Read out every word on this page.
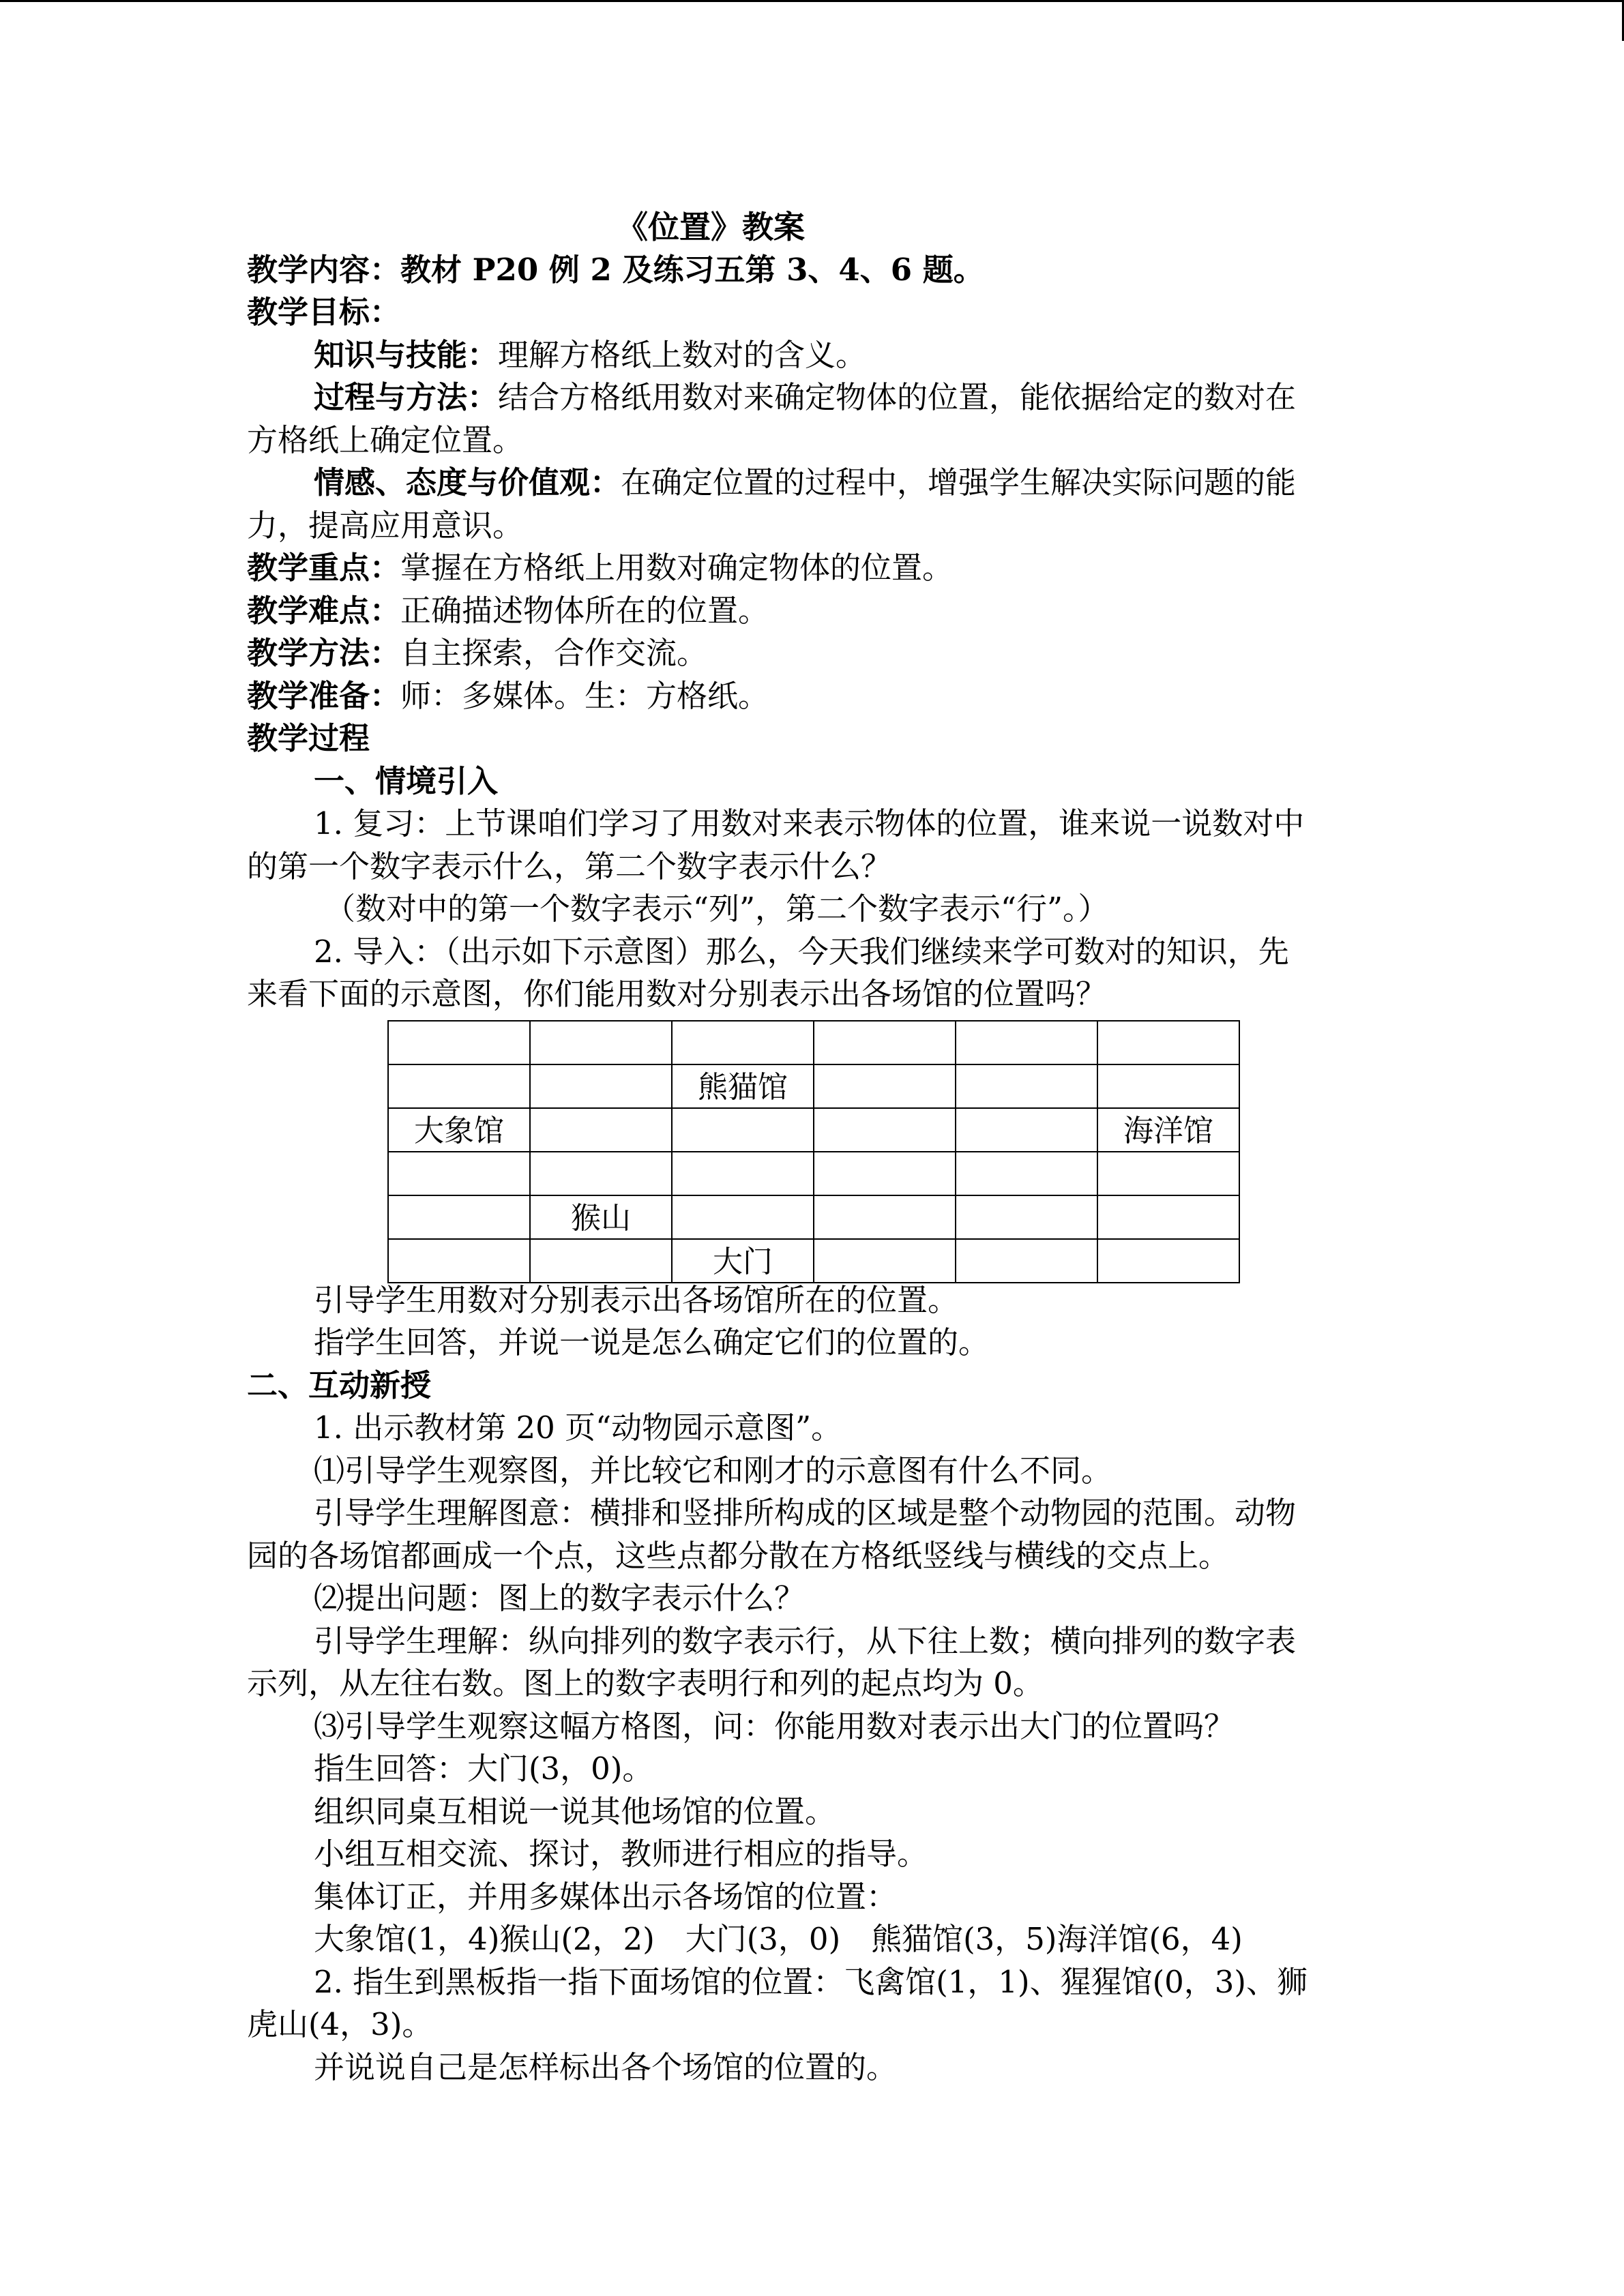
《位置》教案
教学内容：教材 P20 例 2 及练习五第 3、4、6 题。
教学目标：
知识与技能：理解方格纸上数对的含义。
过程与方法：结合方格纸用数对来确定物体的位置，能依据给定的数对在
方格纸上确定位置。
情感、态度与价值观：在确定位置的过程中，增强学生解决实际问题的能
力，提高应用意识。
教学重点：掌握在方格纸上用数对确定物体的位置。
教学难点：正确描述物体所在的位置。
教学方法：自主探索，合作交流。
教学准备：师：多媒体。生：方格纸。
教学过程
一、情境引入
1. 复习：上节课咱们学习了用数对来表示物体的位置，谁来说一说数对中
的第一个数字表示什么，第二个数字表示什么？
（数对中的第一个数字表示“列”，第二个数字表示“行”。）
2. 导入：（出示如下示意图）那么，今天我们继续来学可数对的知识，先
来看下面的示意图，你们能用数对分别表示出各场馆的位置吗？

		熊猫馆			
大象馆					海洋馆

	猴山				
		大门			
引导学生用数对分别表示出各场馆所在的位置。
指学生回答，并说一说是怎么确定它们的位置的。
二、互动新授
1. 出示教材第 20 页“动物园示意图”。
⑴引导学生观察图，并比较它和刚才的示意图有什么不同。
引导学生理解图意：横排和竖排所构成的区域是整个动物园的范围。动物
园的各场馆都画成一个点，这些点都分散在方格纸竖线与横线的交点上。
⑵提出问题：图上的数字表示什么？
引导学生理解：纵向排列的数字表示行，从下往上数；横向排列的数字表
示列，从左往右数。图上的数字表明行和列的起点均为 0。
⑶引导学生观察这幅方格图，问：你能用数对表示出大门的位置吗？
指生回答：大门(3，0)。
组织同桌互相说一说其他场馆的位置。
小组互相交流、探讨，教师进行相应的指导。
集体订正，并用多媒体出示各场馆的位置：
大象馆(1，4)猴山(2，2)　大门(3，0)　熊猫馆(3，5)海洋馆(6，4)
2. 指生到黑板指一指下面场馆的位置：飞禽馆(1，1)、猩猩馆(0，3)、狮
虎山(4，3)。
并说说自己是怎样标出各个场馆的位置的。
